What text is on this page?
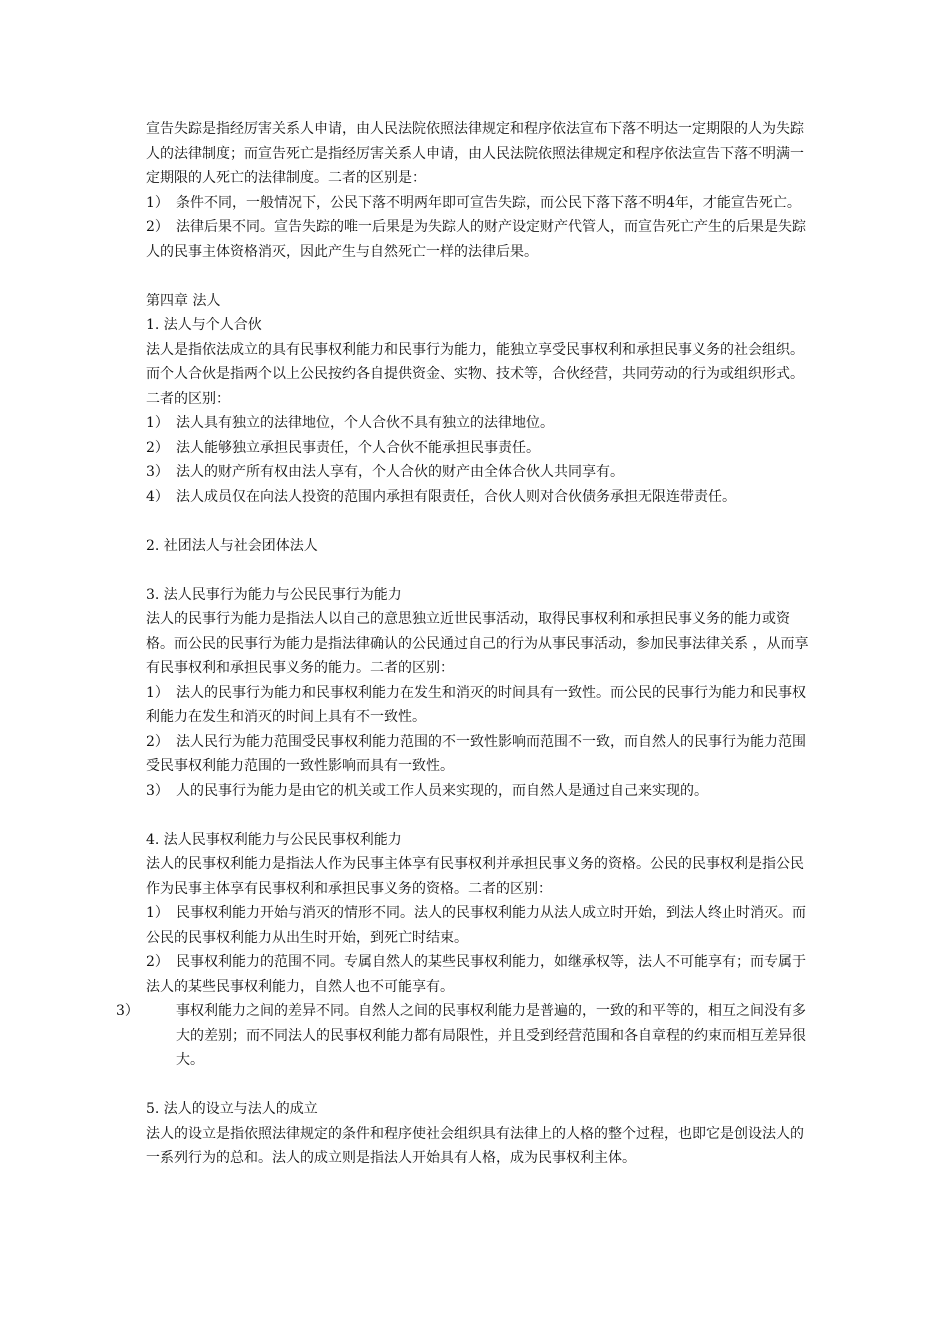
宣告失踪是指经厉害关系人申请，由人民法院依照法律规定和程序依法宣布下落不明达一定期限的人为失踪人的法律制度；而宣告死亡是指经厉害关系人申请，由人民法院依照法律规定和程序依法宣告下落不明满一定期限的人死亡的法律制度。二者的区别是：

1） 条件不同，一般情况下，公民下落不明两年即可宣告失踪，而公民下落下落不明4年，才能宣告死亡。

2） 法律后果不同。宣告失踪的唯一后果是为失踪人的财产设定财产代管人，而宣告死亡产生的后果是失踪人的民事主体资格消灭，因此产生与自然死亡一样的法律后果。

第四章 法人

1. 法人与个人合伙

法人是指依法成立的具有民事权利能力和民事行为能力，能独立享受民事权利和承担民事义务的社会组织。而个人合伙是指两个以上公民按约各自提供资金、实物、技术等，合伙经营，共同劳动的行为或组织形式。二者的区别：

1） 法人具有独立的法律地位，个人合伙不具有独立的法律地位。

2） 法人能够独立承担民事责任，个人合伙不能承担民事责任。

3） 法人的财产所有权由法人享有，个人合伙的财产由全体合伙人共同享有。

4） 法人成员仅在向法人投资的范围内承担有限责任，合伙人则对合伙债务承担无限连带责任。

2. 社团法人与社会团体法人

3. 法人民事行为能力与公民民事行为能力

法人的民事行为能力是指法人以自己的意思独立近世民事活动，取得民事权利和承担民事义务的能力或资格。而公民的民事行为能力是指法律确认的公民通过自己的行为从事民事活动，参加民事法律关系 ，从而享有民事权利和承担民事义务的能力。二者的区别：

1） 法人的民事行为能力和民事权利能力在发生和消灭的时间具有一致性。而公民的民事行为能力和民事权利能力在发生和消灭的时间上具有不一致性。

2） 法人民行为能力范围受民事权利能力范围的不一致性影响而范围不一致，而自然人的民事行为能力范围受民事权利能力范围的一致性影响而具有一致性。

3） 人的民事行为能力是由它的机关或工作人员来实现的，而自然人是通过自己来实现的。

4. 法人民事权利能力与公民民事权利能力

法人的民事权利能力是指法人作为民事主体享有民事权利并承担民事义务的资格。公民的民事权利是指公民作为民事主体享有民事权利和承担民事义务的资格。二者的区别：

1） 民事权利能力开始与消灭的情形不同。法人的民事权利能力从法人成立时开始，到法人终止时消灭。而公民的民事权利能力从出生时开始，到死亡时结束。

2） 民事权利能力的范围不同。专属自然人的某些民事权利能力，如继承权等，法人不可能享有；而专属于法人的某些民事权利能力，自然人也不可能享有。

3）	事权利能力之间的差异不同。自然人之间的民事权利能力是普遍的，一致的和平等的，相互之间没有多大的差别；而不同法人的民事权利能力都有局限性，并且受到经营范围和各自章程的约束而相互差异很大。

5. 法人的设立与法人的成立

法人的设立是指依照法律规定的条件和程序使社会组织具有法律上的人格的整个过程，也即它是创设法人的一系列行为的总和。法人的成立则是指法人开始具有人格，成为民事权利主体。
